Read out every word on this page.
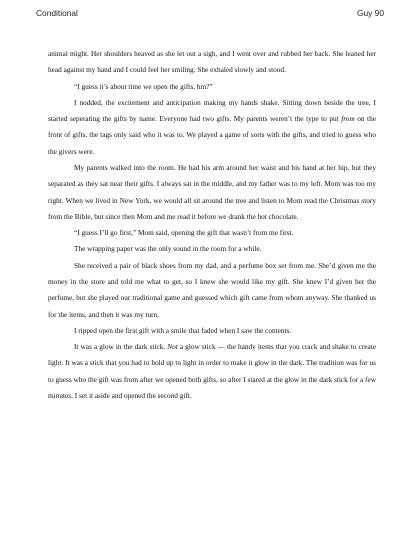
Conditional	Guy 90

animal might. Her shoulders heaved as she let out a sigh, and I went over and rubbed her back. She leaned her head against my hand and I could feel her smiling. She exhaled slowly and stood.

“I guess it’s about time we open the gifts, hm?”

I nodded, the excitement and anticipation making my hands shake. Sitting down beside the tree, I started seperating the gifts by name. Everyone had two gifts. My parents weren’t the type to put from on the front of gifts, the tags only said who it was to. We played a game of sorts with the gifts, and tried to guess who the givers were.

My parents walked into the room. He had his arm around her waist and his hand at her hip, but they separated as they sat near their gifts. I always sat in the middle, and my father was to my left. Mom was too my right. When we lived in New York, we would all sit around the tree and listen to Mom read the Christmas story from the Bible, but since then Mom and me read it before we drank the hot chocolate.

“I guess I’ll go first,” Mom said, opening the gift that wasn’t from me first.

The wrapping paper was the only sound in the room for a while.

She received a pair of black shoes from my dad, and a perfume box set from me. She’d given me the money in the store and told me what to get, so I knew she would like my gift. She knew I’d given her the perfume, but she played our traditional game and guessed which gift came from whom anyway. She thanked us for the items, and then it was my turn.

I ripped open the first gift with a smile that faded when I saw the contents.

It was a glow in the dark stick. Not a glow stick — the handy items that you crack and shake to create light. It was a stick that you had to hold up to light in order to make it glow in the dark. The tradition was for us to guess who the gift was from after we opened both gifts, so after I stared at the glow in the dark stick for a few minutes, I set it aside and opened the second gift.
